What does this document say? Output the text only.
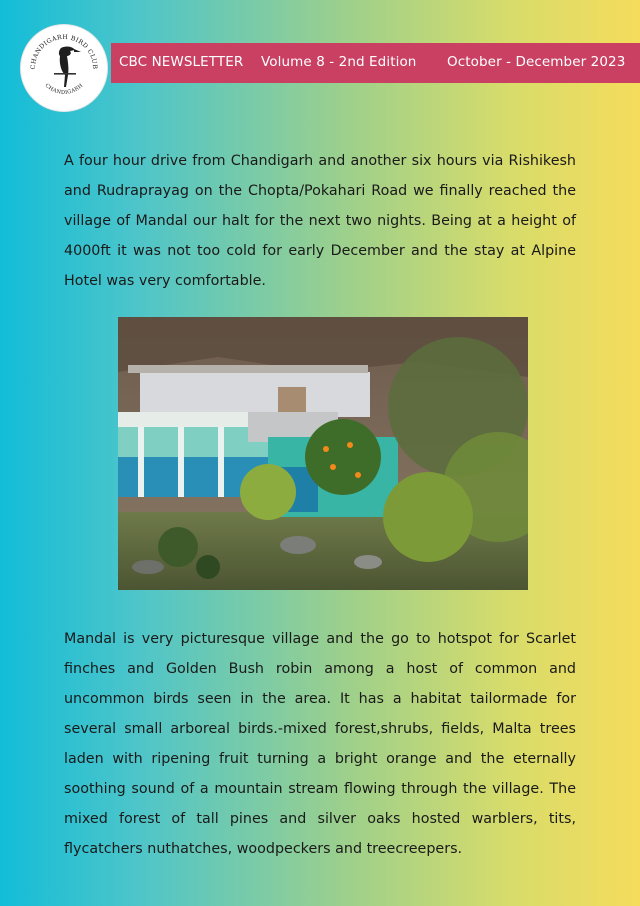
CHANDIGARH BIRD CLUB
CHANDIGARH
CBC NEWSLETTER Volume 8 - 2nd Edition October - December 2023

A four hour drive from Chandigarh and another six hours via Rishikesh and Rudraprayag on the Chopta/Pokahari Road we finally reached the village of Mandal our halt for the next two nights. Being at a height of 4000ft it was not too cold for early December and the stay at Alpine Hotel was very comfortable.

Mandal is very picturesque village and the go to hotspot for Scarlet finches and Golden Bush robin among a host of common and uncommon birds seen in the area. It has a habitat tailormade for several small arboreal birds.-mixed forest,shrubs, fields, Malta trees laden with ripening fruit turning a bright orange and the eternally soothing sound of a mountain stream flowing through the village. The mixed forest of tall pines and silver oaks hosted warblers, tits, flycatchers nuthatches, woodpeckers and treecreepers.
